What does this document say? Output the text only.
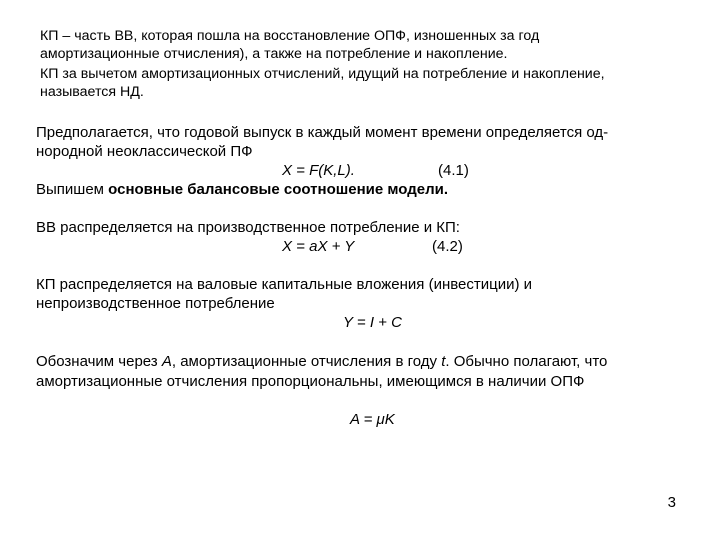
КП – часть ВВ, которая пошла на восстановление ОПФ, изношенных за год
амортизационные отчисления), а также на потребление и накопление.
КП за вычетом амортизационных отчислений, идущий на потребление и накопление,
называется НД.
Предполагается, что годовой выпуск в каждый момент времени определяется од-
нородной неоклассической ПФ
X = F(K,L).	(4.1)
Выпишем основные балансовые соотношение модели.
ВВ распределяется на производственное потребление и КП:
X = aX + Y	(4.2)
КП распределяется на валовые капитальные вложения (инвестиции) и
непроизводственное потребление
Y = I + C
Обозначим через A, амортизационные отчисления в году t. Обычно полагают, что
амортизационные отчисления пропорциональны, имеющимся в наличии ОПФ
A = μK
3
